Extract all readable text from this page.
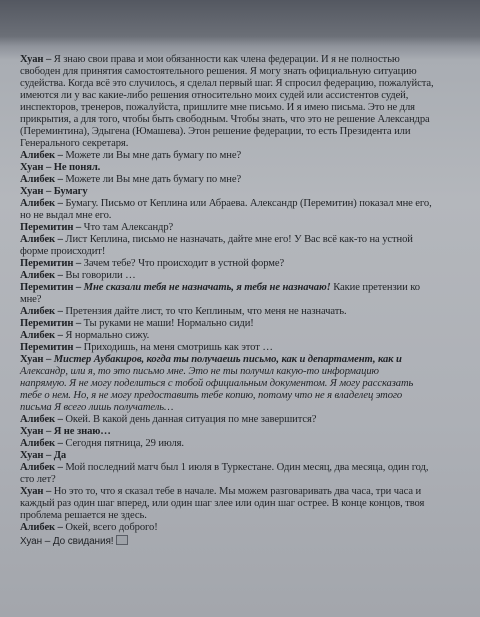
Хуан – Я знаю свои права и мои обязанности как члена федерации. И я не полностью
свободен для принятия самостоятельного решения. Я могу знать официальную ситуацию
судейства. Когда всё это случилось, я сделал первый шаг. Я спросил федерацию, пожалуйста,
имеются ли у вас какие-либо решения относительно моих судей или ассистентов судей,
инспекторов, тренеров, пожалуйста, пришлите мне письмо. И я имею письма. Это не для
прикрытия, а для того, чтобы быть свободным. Чтобы знать, что это не решение Александра
(Переминтина), Эдыгена (Юмашева). Этон решение федерации, то есть Президента или
Генерального секретаря.
Алибек – Можете ли Вы мне дать бумагу по мне?
Хуан – Не понял.
Алибек – Можете ли Вы мне дать бумагу по мне?
Хуан – Бумагу
Алибек – Бумагу. Письмо от Кеплина или Абраева. Александр (Перемитин) показал мне его,
но не выдал мне его.
Перемитин – Что там Александр?
Алибек – Лист Кеплина, письмо не назначать, дайте мне его! У Вас всё как-то на устной
форме происходит!
Перемитин – Зачем тебе? Что происходит в устной форме?
Алибек – Вы говорили …
Перемитин – Мне сказали тебя не назначать, я тебя не назначаю! Какие претензии ко
мне?
Алибек – Претензия дайте лист, то что Кеплиным, что меня не назначать.
Перемитин – Ты руками не маши! Нормально сиди!
Алибек – Я нормально сижу.
Перемитин – Приходишь, на меня смотришь как этот …
Хуан – Мистер Аубакиров, когда ты получаешь письмо, как и департамент, как и
Александр, или я, то это письмо мне. Это не ты получил какую-то информацию
напрямую. Я не могу поделиться с тобой официальным документом. Я могу рассказать
тебе о нем. Но, я не могу предоставить тебе копию, потому что не я владелец этого
письма Я всего лишь получатель…
Алибек – Окей. В какой день данная ситуация по мне завершится?
Хуан – Я не знаю…
Алибек – Сегодня пятница, 29 июля.
Хуан – Да
Алибек – Мой последний матч был 1 июля в Туркестане. Один месяц, два месяца, один год,
сто лет?
Хуан – Но это то, что я сказал тебе в начале. Мы можем разговаривать два часа, три часа и
каждый раз один шаг вперед, или один шаг злее или один шаг острее. В конце концов, твоя
проблема решается не здесь.
Алибек – Окей, всего доброго!
Хуан – До свидания!
